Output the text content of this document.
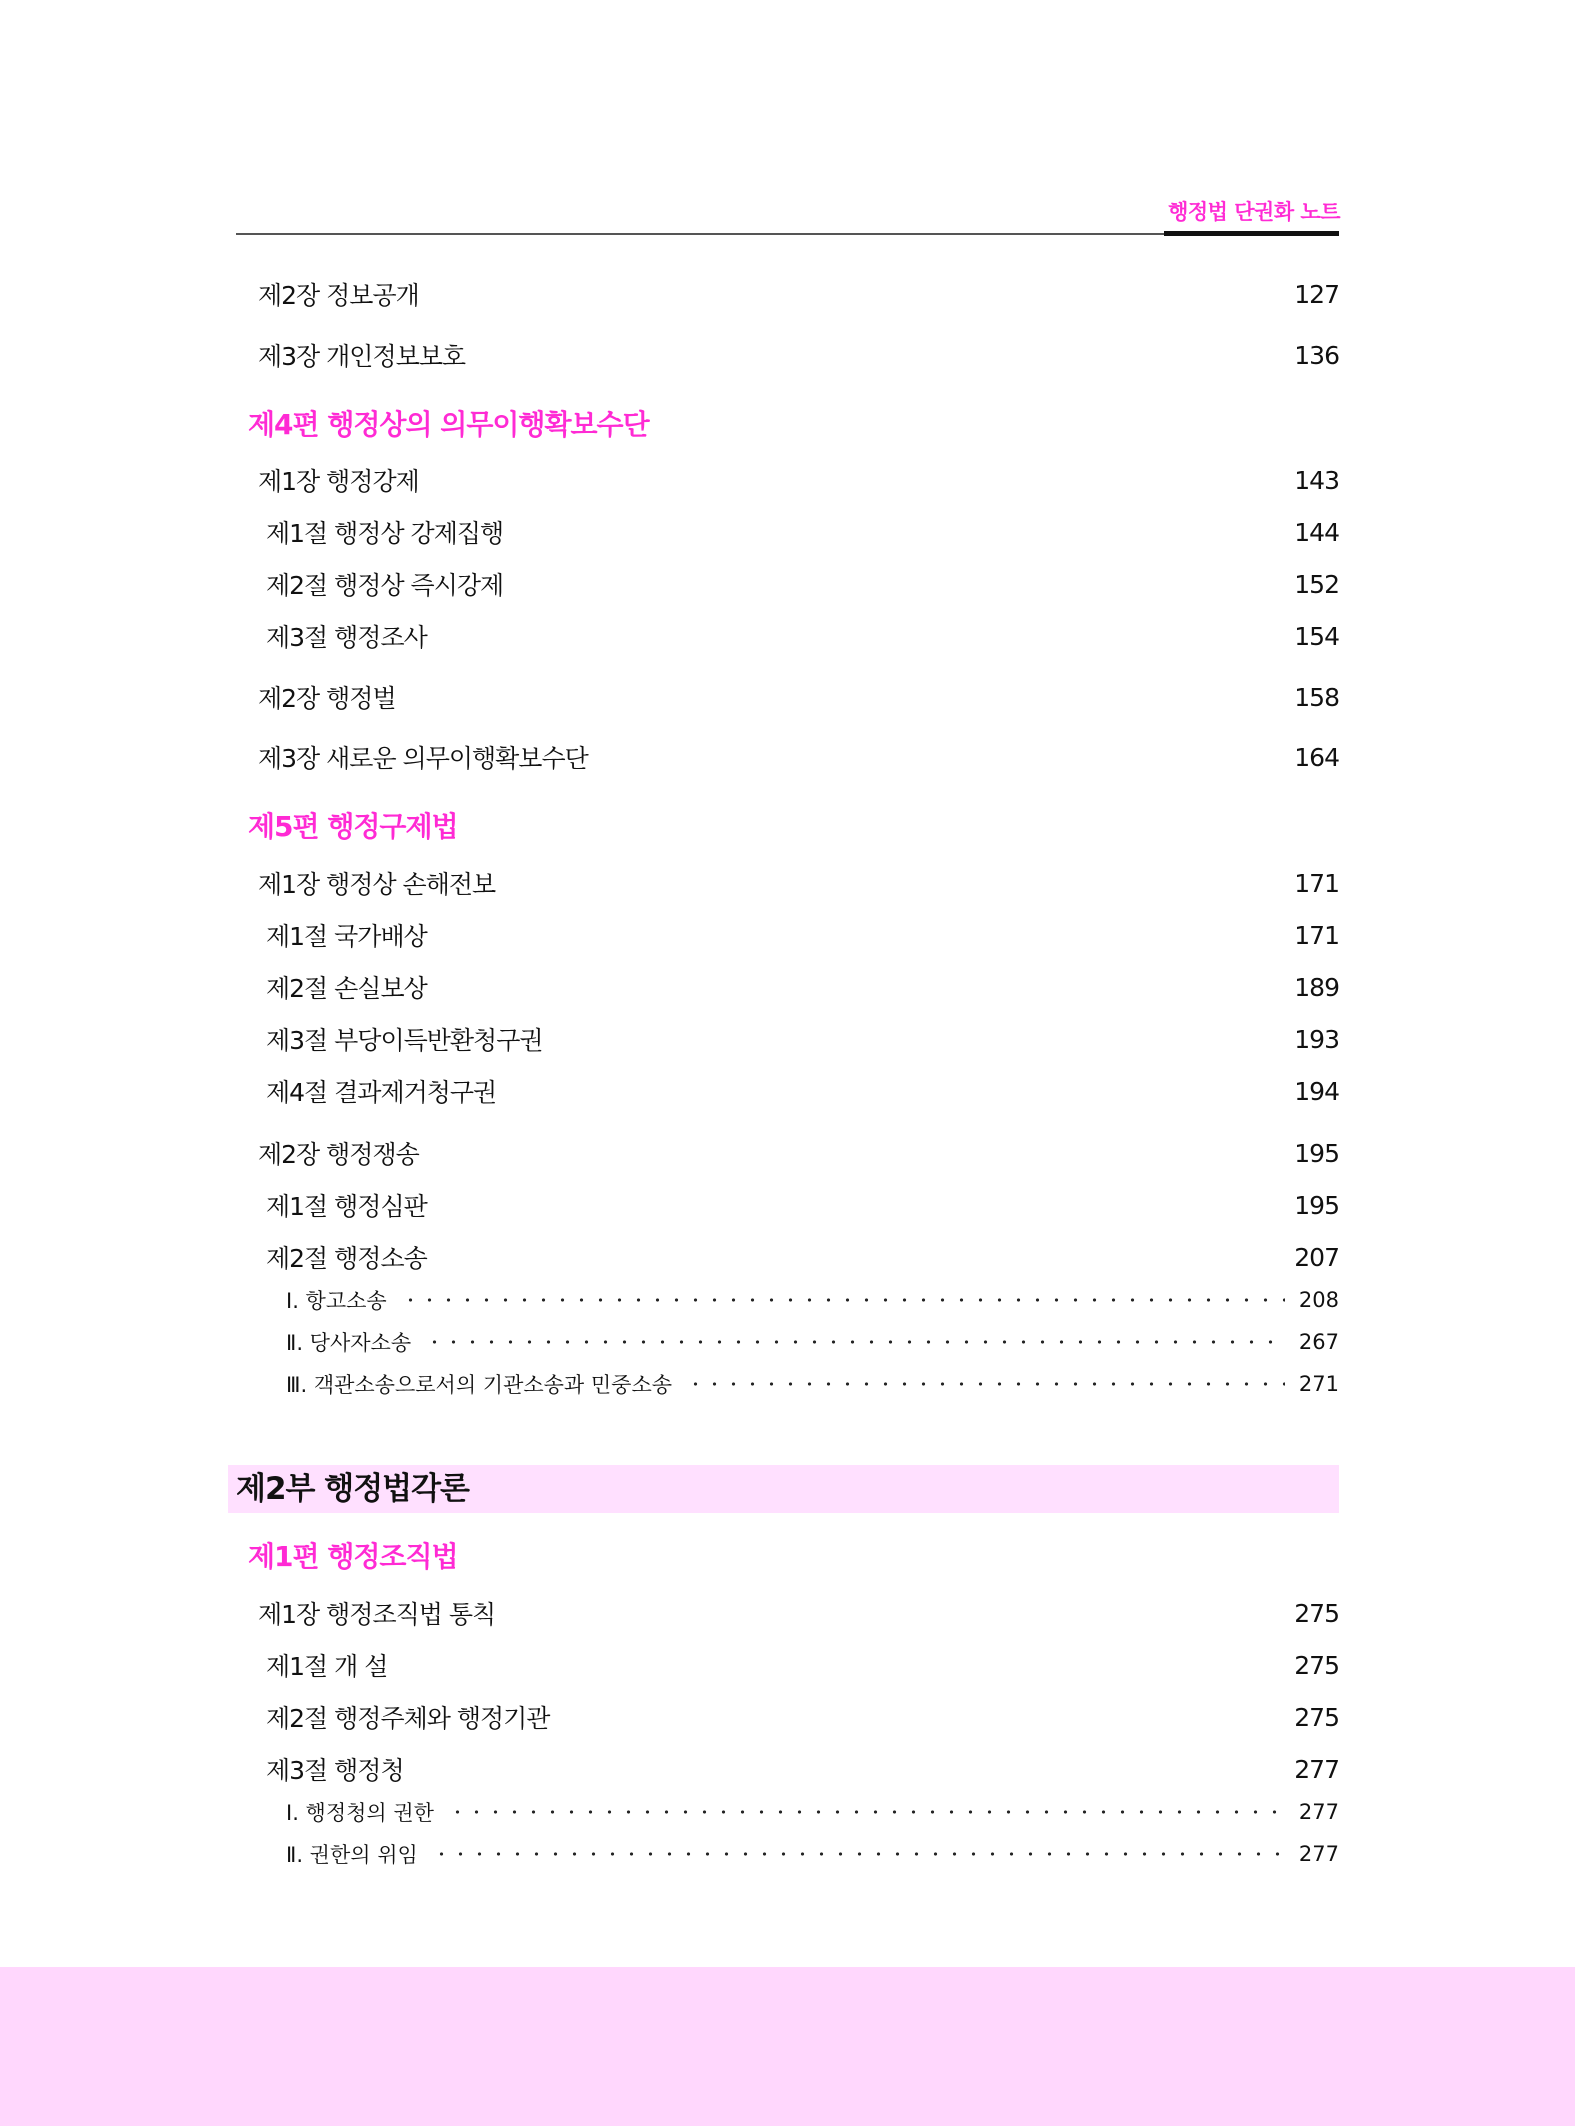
행정법 단권화 노트
제2장 정보공개	127
제3장 개인정보보호	136
제4편 행정상의 의무이행확보수단
제1장 행정강제	143
제1절 행정상 강제집행	144
제2절 행정상 즉시강제	152
제3절 행정조사	154
제2장 행정벌	158
제3장 새로운 의무이행확보수단	164
제5편 행정구제법
제1장 행정상 손해전보	171
제1절 국가배상	171
제2절 손실보상	189
제3절 부당이득반환청구권	193
제4절 결과제거청구권	194
제2장 행정쟁송	195
제1절 행정심판	195
제2절 행정소송	207
Ⅰ. 항고소송	208
Ⅱ. 당사자소송	267
Ⅲ. 객관소송으로서의 기관소송과 민중소송	271
제1편 행정조직법
제1장 행정조직법 통칙	275
제1절 개 설	275
제2절 행정주체와 행정기관	275
제3절 행정청	277
Ⅰ. 행정청의 권한	277
Ⅱ. 권한의 위임	277
제2부 행정법각론
